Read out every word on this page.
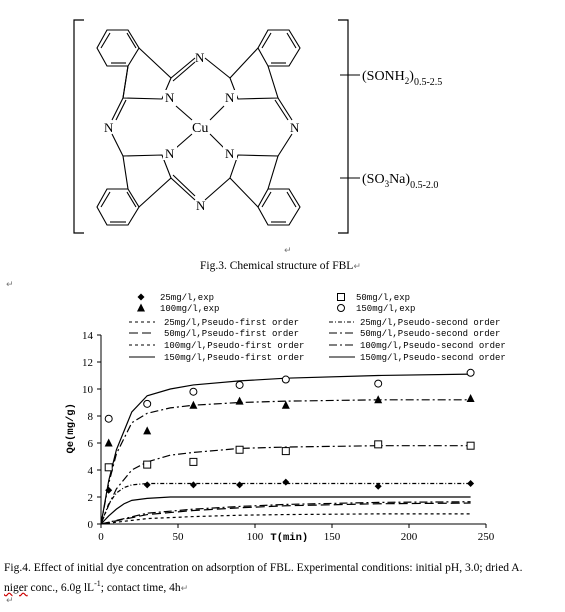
N	N
N	N
N
N
N	N
Cu
$(SONH_2)_{0.5-2.5}$
$(SO_3Na)_{0.5-2.0}$
↵
Fig.3. Chemical structure of FBL↵
↵
0
2
4
6
8
10
12
14
0	50	100	150	200	250
T(min)
Qe(mg/g)
25mg/l,exp	50mg/l,exp
100mg/l,exp	150mg/l,exp
25mg/l,Pseudo-first order	25mg/l,Pseudo-second order
50mg/l,Pseudo-first order	50mg/l,Pseudo-second order
100mg/l,Pseudo-first order	100mg/l,Pseudo-second order
150mg/l,Pseudo-first order	150mg/l,Pseudo-second order
Fig.4. Effect of initial dye concentration on adsorption of FBL. Experimental conditions: initial pH, 3.0; dried A.
niger conc., 6.0g $lL^{-1}$; contact time, 4h↵
↵
